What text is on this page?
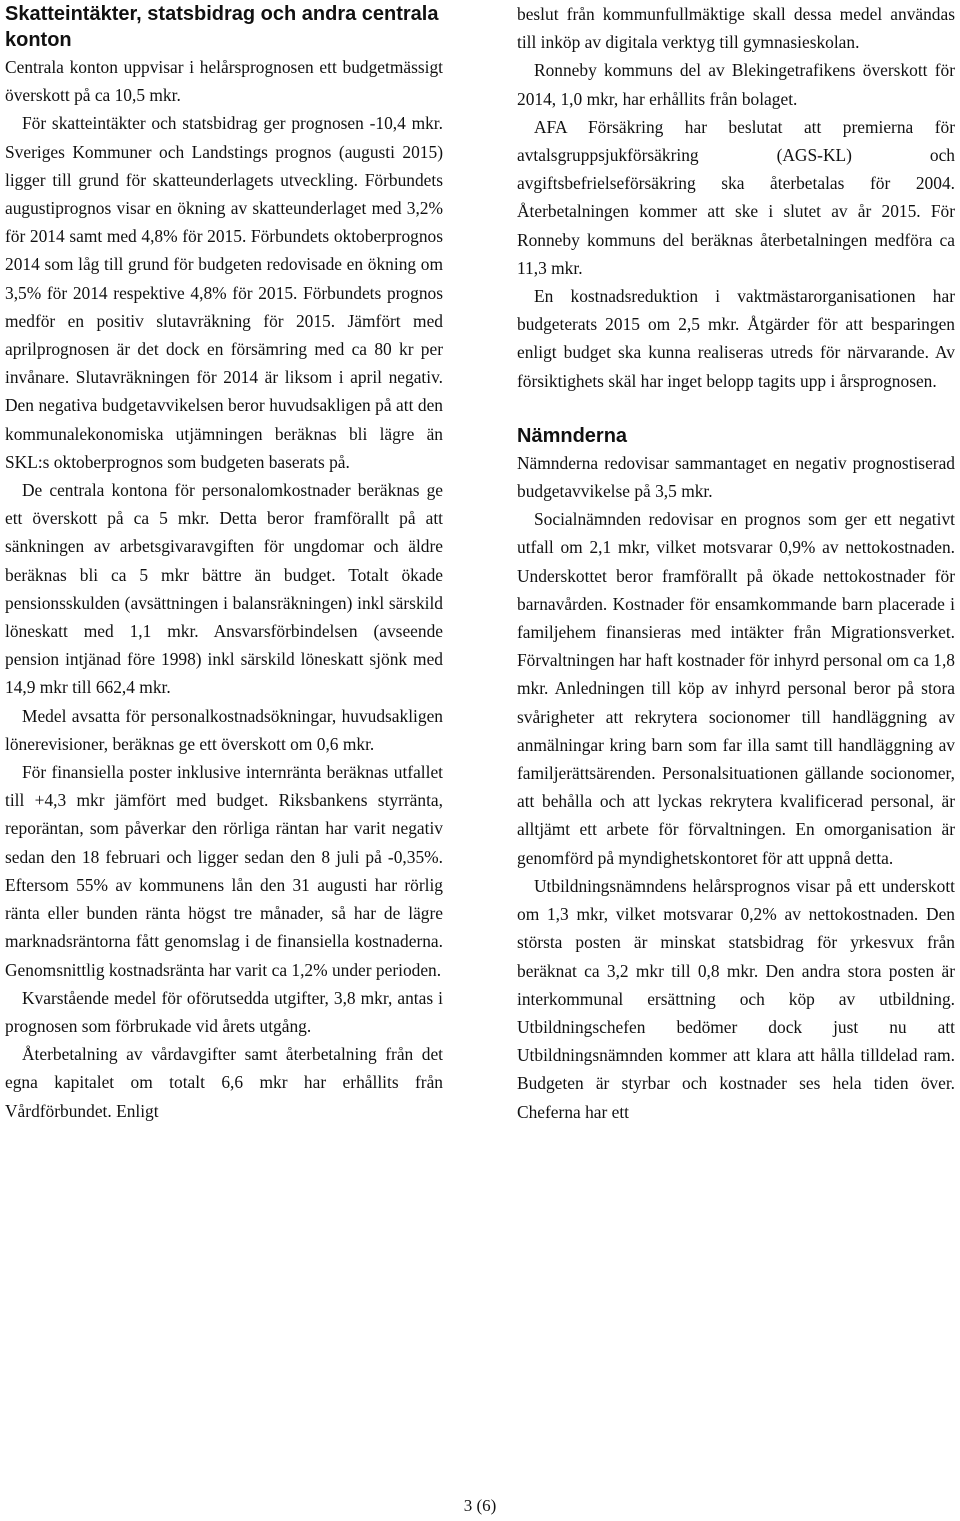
Skatteintäkter, statsbidrag och andra centrala konton

Centrala konton uppvisar i helårsprognosen ett budgetmässigt överskott på ca 10,5 mkr.

För skatteintäkter och statsbidrag ger prognosen -10,4 mkr. Sveriges Kommuner och Landstings prognos (augusti 2015) ligger till grund för skatteunderlagets utveckling. Förbundets augustiprognos visar en ökning av skatteunderlaget med 3,2% för 2014 samt med 4,8% för 2015. Förbundets oktoberprognos 2014 som låg till grund för budgeten redovisade en ökning om 3,5% för 2014 respektive 4,8% för 2015. Förbundets prognos medför en positiv slutavräkning för 2015. Jämfört med aprilprognosen är det dock en försämring med ca 80 kr per invånare. Slutavräkningen för 2014 är liksom i april negativ. Den negativa budgetavvikelsen beror huvudsakligen på att den kommunalekonomiska utjämningen beräknas bli lägre än SKL:s oktoberprognos som budgeten baserats på.

De centrala kontona för personalomkostnader beräknas ge ett överskott på ca 5 mkr. Detta beror framförallt på att sänkningen av arbetsgivaravgiften för ungdomar och äldre beräknas bli ca 5 mkr bättre än budget. Totalt ökade pensionsskulden (avsättningen i balansräkningen) inkl särskild löneskatt med 1,1 mkr. Ansvarsförbindelsen (avseende pension intjänad före 1998) inkl särskild löneskatt sjönk med 14,9 mkr till 662,4 mkr.

Medel avsatta för personalkostnadsökningar, huvudsakligen lönerevisioner, beräknas ge ett överskott om 0,6 mkr.

För finansiella poster inklusive internränta beräknas utfallet till +4,3 mkr jämfört med budget. Riksbankens styrränta, reporäntan, som påverkar den rörliga räntan har varit negativ sedan den 18 februari och ligger sedan den 8 juli på -0,35%. Eftersom 55% av kommunens lån den 31 augusti har rörlig ränta eller bunden ränta högst tre månader, så har de lägre marknadsräntorna fått genomslag i de finansiella kostnaderna. Genomsnittlig kostnadsränta har varit ca 1,2% under perioden.

Kvarstående medel för oförutsedda utgifter, 3,8 mkr, antas i prognosen som förbrukade vid årets utgång.

Återbetalning av vårdavgifter samt återbetalning från det egna kapitalet om totalt 6,6 mkr har erhållits från Vårdförbundet. Enligt

beslut från kommunfullmäktige skall dessa medel användas till inköp av digitala verktyg till gymnasieskolan.

Ronneby kommuns del av Blekingetrafikens överskott för 2014, 1,0 mkr, har erhållits från bolaget.

AFA Försäkring har beslutat att premierna för avtalsgruppsjukförsäkring (AGS-KL) och avgiftsbefrielseförsäkring ska återbetalas för 2004. Återbetalningen kommer att ske i slutet av år 2015. För Ronneby kommuns del beräknas återbetalningen medföra ca 11,3 mkr.

En kostnadsreduktion i vaktmästarorganisationen har budgeterats 2015 om 2,5 mkr. Åtgärder för att besparingen enligt budget ska kunna realiseras utreds för närvarande. Av försiktighets skäl har inget belopp tagits upp i årsprognosen.

Nämnderna

Nämnderna redovisar sammantaget en negativ prognostiserad budgetavvikelse på 3,5 mkr.

Socialnämnden redovisar en prognos som ger ett negativt utfall om 2,1 mkr, vilket motsvarar 0,9% av nettokostnaden. Underskottet beror framförallt på ökade nettokostnader för barnavården. Kostnader för ensamkommande barn placerade i familjehem finansieras med intäkter från Migrationsverket. Förvaltningen har haft kostnader för inhyrd personal om ca 1,8 mkr. Anledningen till köp av inhyrd personal beror på stora svårigheter att rekrytera socionomer till handläggning av anmälningar kring barn som far illa samt till handläggning av familjerättsärenden. Personalsituationen gällande socionomer, att behålla och att lyckas rekrytera kvalificerad personal, är alltjämt ett arbete för förvaltningen. En omorganisation är genomförd på myndighetskontoret för att uppnå detta.

Utbildningsnämndens helårsprognos visar på ett underskott om 1,3 mkr, vilket motsvarar 0,2% av nettokostnaden. Den största posten är minskat statsbidrag för yrkesvux från beräknat ca 3,2 mkr till 0,8 mkr. Den andra stora posten är interkommunal ersättning och köp av utbildning. Utbildningschefen bedömer dock just nu att Utbildningsnämnden kommer att klara att hålla tilldelad ram. Budgeten är styrbar och kostnader ses hela tiden över. Cheferna har ett

3 (6)
